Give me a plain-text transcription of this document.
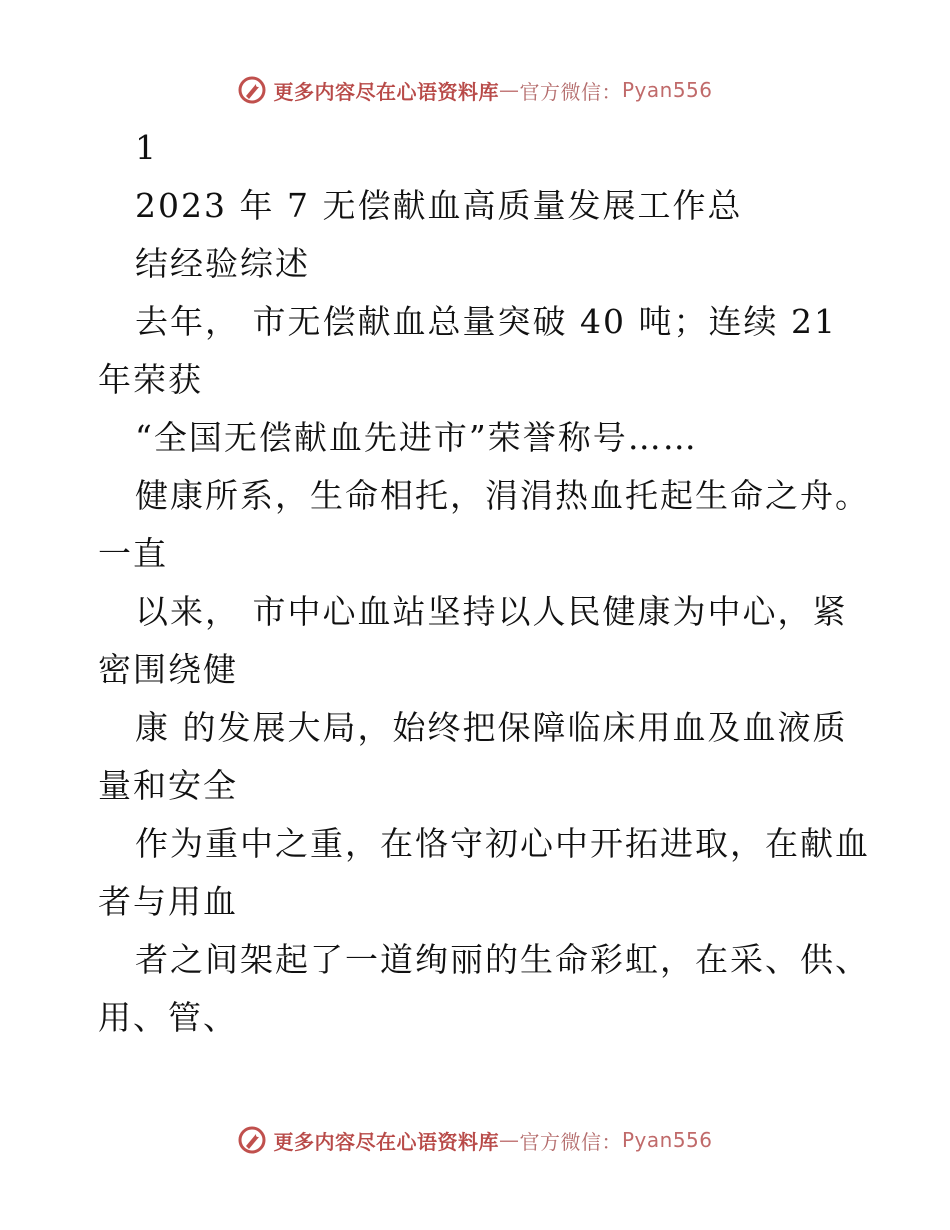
更多内容尽在心语资料库 — 官方微信： Pyan556
1
2023 年 7 无偿献血高质量发展工作总
结经验综述
去年， 市无偿献血总量突破 40 吨；连续 21
年荣获
“全国无偿献血先进市”荣誉称号……
健康所系，生命相托，涓涓热血托起生命之舟。
一直
以来， 市中心血站坚持以人民健康为中心，紧
密围绕健
康 的发展大局，始终把保障临床用血及血液质
量和安全
作为重中之重，在恪守初心中开拓进取，在献血
者与用血
者之间架起了一道绚丽的生命彩虹，在采、供、
用、管、
更多内容尽在心语资料库 — 官方微信： Pyan556
